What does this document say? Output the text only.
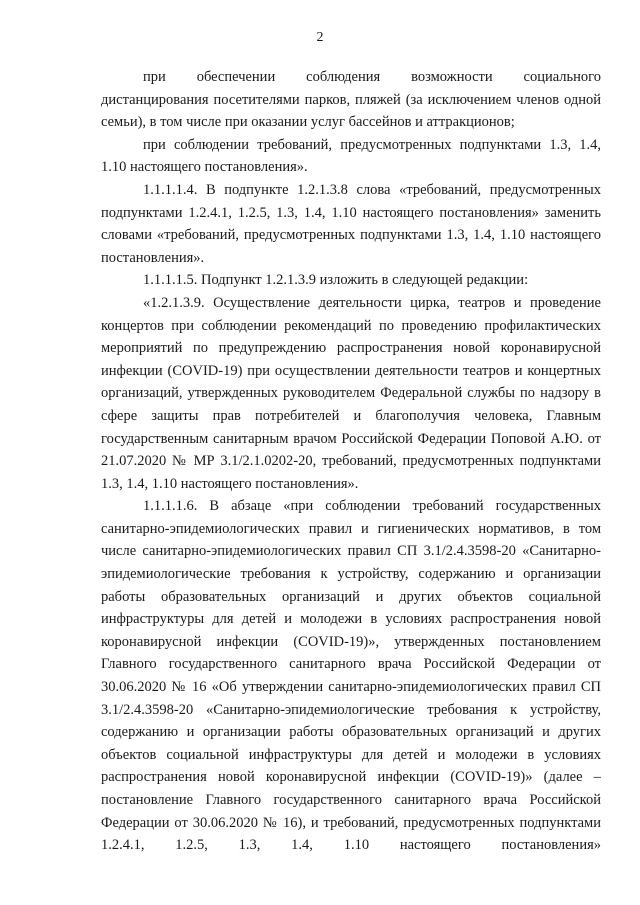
2

при обеспечении соблюдения возможности социального дистанцирования посетителями парков, пляжей (за исключением членов одной семьи), в том числе при оказании услуг бассейнов и аттракционов;

при соблюдении требований, предусмотренных подпунктами 1.3, 1.4, 1.10 настоящего постановления».

1.1.1.1.4. В подпункте 1.2.1.3.8 слова «требований, предусмотренных подпунктами 1.2.4.1, 1.2.5, 1.3, 1.4, 1.10 настоящего постановления» заменить словами «требований, предусмотренных подпунктами 1.3, 1.4, 1.10 настоящего постановления».

1.1.1.1.5. Подпункт 1.2.1.3.9 изложить в следующей редакции:

«1.2.1.3.9. Осуществление деятельности цирка, театров и проведение концертов при соблюдении рекомендаций по проведению профилактических мероприятий по предупреждению распространения новой коронавирусной инфекции (COVID-19) при осуществлении деятельности театров и концертных организаций, утвержденных руководителем Федеральной службы по надзору в сфере защиты прав потребителей и благополучия человека, Главным государственным санитарным врачом Российской Федерации Поповой А.Ю. от 21.07.2020 № МР 3.1/2.1.0202-20, требований, предусмотренных подпунктами 1.3, 1.4, 1.10 настоящего постановления».

1.1.1.1.6. В абзаце «при соблюдении требований государственных санитарно-эпидемиологических правил и гигиенических нормативов, в том числе санитарно-эпидемиологических правил СП 3.1/2.4.3598-20 «Санитарно-эпидемиологические требования к устройству, содержанию и организации работы образовательных организаций и других объектов социальной инфраструктуры для детей и молодежи в условиях распространения новой коронавирусной инфекции (COVID-19)», утвержденных постановлением Главного государственного санитарного врача Российской Федерации от 30.06.2020 № 16 «Об утверждении санитарно-эпидемиологических правил СП 3.1/2.4.3598-20 «Санитарно-эпидемиологические требования к устройству, содержанию и организации работы образовательных организаций и других объектов социальной инфраструктуры для детей и молодежи в условиях распространения новой коронавирусной инфекции (COVID-19)» (далее – постановление Главного государственного санитарного врача Российской Федерации от 30.06.2020 № 16), и требований, предусмотренных подпунктами 1.2.4.1, 1.2.5, 1.3, 1.4, 1.10 настоящего постановления»
